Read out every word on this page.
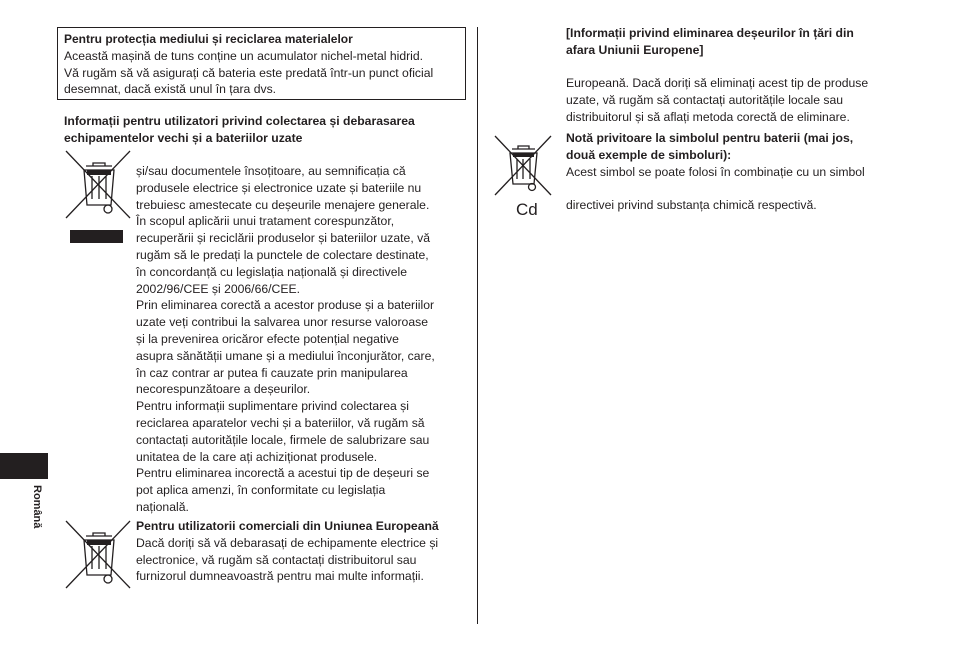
Pentru protecția mediului și reciclarea materialelor

Această mașină de tuns conține un acumulator nichel-metal hidrid.

Vă rugăm să vă asigurați că bateria este predată într-un punct oficial

desemnat, dacă există unul în țara dvs.

Informații pentru utilizatori privind colectarea și debarasarea

echipamentelor vechi și a bateriilor uzate

și/sau documentele însoțitoare, au semnificația că

produsele electrice și electronice uzate și bateriile nu

trebuiesc amestecate cu deșeurile menajere generale.

În scopul aplicării unui tratament corespunzător,

recuperării și reciclării produselor și bateriilor uzate, vă

rugăm să le predați la punctele de colectare destinate,

în concordanță cu legislația națională și directivele

2002/96/CEE și 2006/66/CEE.

Prin eliminarea corectă a acestor produse și a bateriilor

uzate veți contribui la salvarea unor resurse valoroase

și la prevenirea oricăror efecte potențial negative

asupra sănătății umane și a mediului înconjurător, care,

în caz contrar ar putea fi cauzate prin manipularea

necorespunzătoare a deșeurilor.

Pentru informații suplimentare privind colectarea și

reciclarea aparatelor vechi și a bateriilor, vă rugăm să

contactați autoritățile locale, firmele de salubrizare sau

unitatea de la care ați achiziționat produsele.

Pentru eliminarea incorectă a acestui tip de deșeuri se

pot aplica amenzi, în conformitate cu legislația

națională.

Pentru utilizatorii comerciali din Uniunea Europeană

Dacă doriți să vă debarasați de echipamente electrice și

electronice, vă rugăm să contactați distribuitorul sau

furnizorul dumneavoastră pentru mai multe informații.

[Informații privind eliminarea deșeurilor în țări din

afara Uniunii Europene]

Europeană. Dacă doriți să eliminați acest tip de produse

uzate, vă rugăm să contactați autoritățile locale sau

distribuitorul și să aflați metoda corectă de eliminare.

Cd

Notă privitoare la simbolul pentru baterii (mai jos,

două exemple de simboluri):

Acest simbol se poate folosi în combinație cu un simbol

directivei privind substanța chimică respectivă.
Română
